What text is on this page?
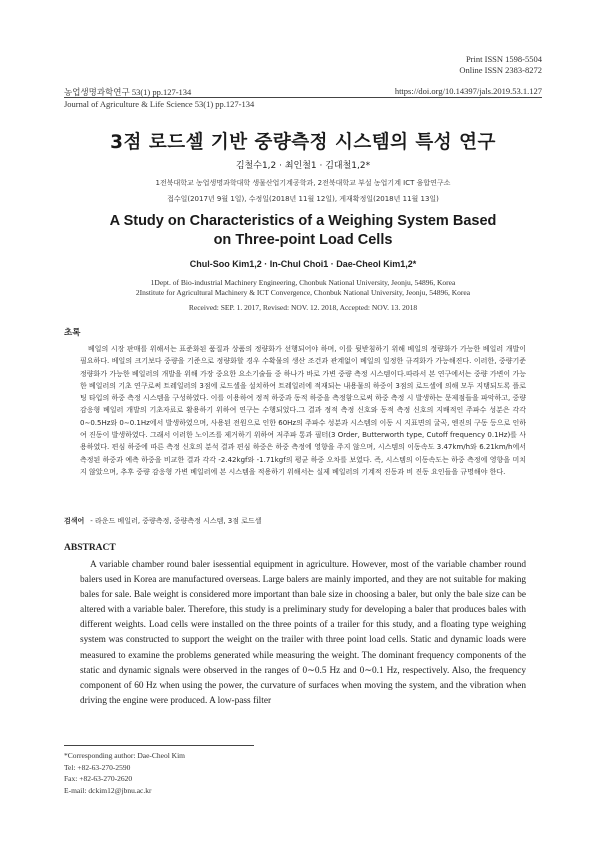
Print ISSN 1598-5504
Online ISSN 2383-8272
농업생명과학연구 53(1) pp.127-134	https://doi.org/10.14397/jals.2019.53.1.127
Journal of Agriculture & Life Science 53(1) pp.127-134
3점 로드셀 기반 중량측정 시스템의 특성 연구
김철수1,2 · 최인철1 · 김대철1,2*
1전북대학교 농업생명과학대학 생물산업기계공학과, 2전북대학교 부설 농업기계 ICT 융합연구소
접수일(2017년 9월 1일), 수정일(2018년 11월 12일), 게재확정일(2018년 11월 13일)
A Study on Characteristics of a Weighing System Based
on Three-point Load Cells
Chul-Soo Kim1,2 · In-Chul Choi1 · Dae-Cheol Kim1,2*
1Dept. of Bio-industrial Machinery Engineering, Chonbuk National University, Jeonju, 54896, Korea
2Institute for Agricultural Machinery & ICT Convergence, Chonbuk National University, Jeonju, 54896, Korea
Received: SEP. 1. 2017, Revised: NOV. 12. 2018, Accepted: NOV. 13. 2018
초록

베일의 시장 판매를 위해서는 표준화된 품질과 상품의 정량화가 선행되어야 하며, 이를 뒷받침하기 위해 베일의 정량화가 가능한 베일러 개발이 필요하다. 베일의 크기보다 중량을 기준으로 정량화할 경우 수확물의 생산 조건과 관계없이 베일의 일정한 규격화가 가능해진다. 이러한, 중량기준 정량화가 가능한 베일러의 개발을 위해 가장 중요한 요소기술들 중 하나가 바로 가변 중량 측정 시스템이다.따라서 본 연구에서는 중량 가변이 가능한 베일러의 기초 연구로써 트레일러의 3점에 로드셀을 설치하여 트레일러에 적재되는 내용물의 하중이 3점의 로드셀에 의해 모두 지탱되도록 플로팅 타입의 하중 측정 시스템을 구성하였다. 이를 이용하여 정적 하중과 동적 하중을 측정함으로써 하중 측정 시 발생하는 문제점들을 파악하고, 중량 감응형 베일러 개발의 기초자료로 활용하기 위하여 연구는 수행되었다.그 결과 정적 측정 신호와 동적 측정 신호의 지배적인 주파수 성분은 각각 0∼0.5Hz와 0∼0.1Hz에서 발생하였으며, 사용된 전원으로 인한 60Hz의 주파수 성분과 시스템의 이동 시 지표면의 굴곡, 엔진의 구동 등으로 인하여 진동이 발생하였다. 그래서 이러한 노이즈를 제거하기 위하여 저주파 통과 필터(3 Order, Butterworth type, Cutoff frequency 0.1Hz)를 사용하였다. 편심 하중에 따른 측정 신호의 분석 결과 편심 하중은 하중 측정에 영향을 주지 않으며, 시스템의 이동속도 3.47km/h와 6.21km/h에서 측정된 하중과 예측 하중을 비교한 결과 각각 -2.42kgf와 -1.71kgf의 평균 하중 오차를 보였다. 즉, 시스템의 이동속도는 하중 측정에 영향을 미치지 않았으며, 추후 중량 감응형 가변 베일러에 본 시스템을 적용하기 위해서는 실제 베일러의 기계적 진동과 비 진동 요인들을 규명해야 한다.

검색어 - 라운드 베일러, 중량측정, 중량측정 시스템, 3점 로드셀
ABSTRACT

A variable chamber round baler isessential equipment in agriculture. However, most of the variable chamber round balers used in Korea are manufactured overseas. Large balers are mainly imported, and they are not suitable for making bales for sale. Bale weight is considered more important than bale size in choosing a baler, but only the bale size can be altered with a variable baler. Therefore, this study is a preliminary study for developing a baler that produces bales with different weights. Load cells were installed on the three points of a trailer for this study, and a floating type weighing system was constructed to support the weight on the trailer with three point load cells. Static and dynamic loads were measured to examine the problems generated while measuring the weight. The dominant frequency components of the static and dynamic signals were observed in the ranges of 0∼0.5 Hz and 0∼0.1 Hz, respectively. Also, the frequency component of 60 Hz when using the power, the curvature of surfaces when moving the system, and the vibration when driving the engine were produced. A low-pass filter

*Corresponding author: Dae-Cheol Kim
Tel: +82-63-270-2590
Fax: +82-63-270-2620
E-mail: dckim12@jbnu.ac.kr
